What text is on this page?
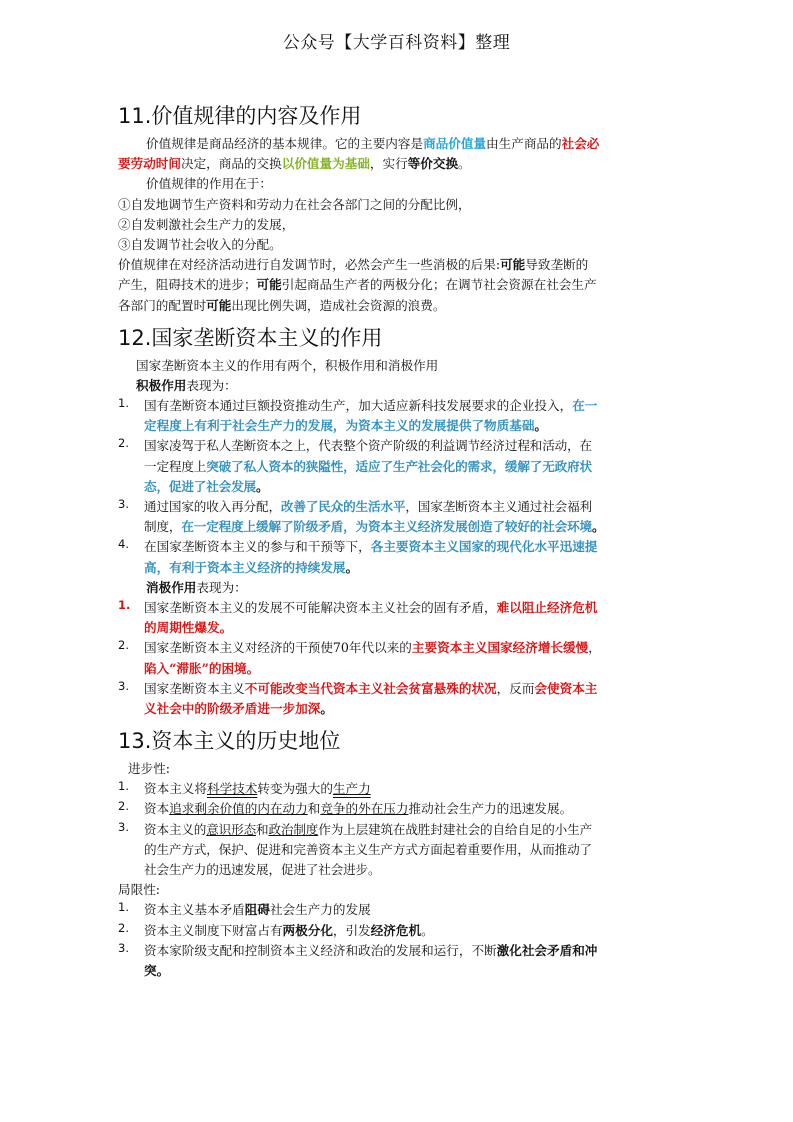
公众号【大学百科资料】整理
11.价值规律的内容及作用
价值规律是商品经济的基本规律。它的主要内容是商品价值量由生产商品的社会必
要劳动时间决定，商品的交换以价值量为基础，实行等价交换。
价值规律的作用在于：
①自发地调节生产资料和劳动力在社会各部门之间的分配比例，
②自发刺激社会生产力的发展，
③自发调节社会收入的分配。
价值规律在对经济活动进行自发调节时，必然会产生一些消极的后果:可能导致垄断的
产生，阻碍技术的进步；可能引起商品生产者的两极分化；在调节社会资源在社会生产
各部门的配置时可能出现比例失调，造成社会资源的浪费。
12.国家垄断资本主义的作用
国家垄断资本主义的作用有两个，积极作用和消极作用
积极作用表现为：
1.	国有垄断资本通过巨额投资推动生产，加大适应新科技发展要求的企业投入，在一
定程度上有利于社会生产力的发展，为资本主义的发展提供了物质基础。
2.	国家凌驾于私人垄断资本之上，代表整个资产阶级的利益调节经济过程和活动，在
一定程度上突破了私人资本的狭隘性，适应了生产社会化的需求，缓解了无政府状
态，促进了社会发展。
3.	通过国家的收入再分配，改善了民众的生活水平，国家垄断资本主义通过社会福利
制度，在一定程度上缓解了阶级矛盾，为资本主义经济发展创造了较好的社会环境。
4.	在国家垄断资本主义的参与和干预等下，各主要资本主义国家的现代化水平迅速提
高，有利于资本主义经济的持续发展。
消极作用表现为：
1.	国家垄断资本主义的发展不可能解决资本主义社会的固有矛盾，难以阻止经济危机
的周期性爆发。
2.	国家垄断资本主义对经济的干预使70年代以来的主要资本主义国家经济增长缓慢，
陷入“滞胀”的困境。
3.	国家垄断资本主义不可能改变当代资本主义社会贫富悬殊的状况，反而会使资本主
义社会中的阶级矛盾进一步加深。
13.资本主义的历史地位
进步性:
1.	资本主义将科学技术转变为强大的生产力
2.	资本追求剩余价值的内在动力和竞争的外在压力推动社会生产力的迅速发展。
3.	资本主义的意识形态和政治制度作为上层建筑在战胜封建社会的自给自足的小生产
的生产方式，保护、促进和完善资本主义生产方式方面起着重要作用，从而推动了
社会生产力的迅速发展，促进了社会进步。
局限性:
1.	资本主义基本矛盾阻碍社会生产力的发展
2.	资本主义制度下财富占有两极分化，引发经济危机。
3.	资本家阶级支配和控制资本主义经济和政治的发展和运行，不断激化社会矛盾和冲
突。
